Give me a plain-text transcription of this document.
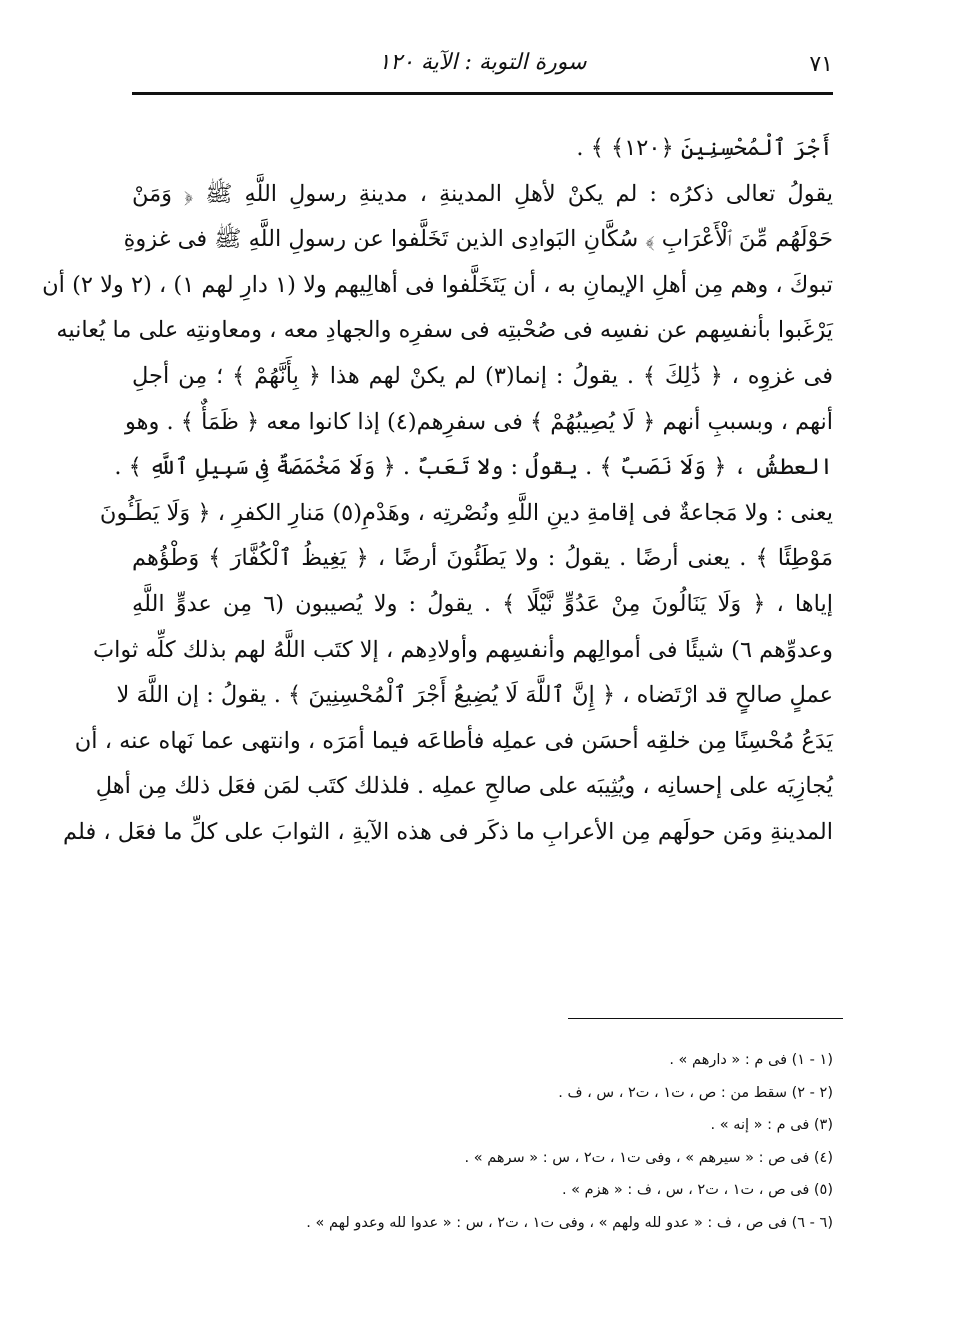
٧١
سورة التوبة : الآية ١٢٠
أَجْرَ ٱلْمُحْسِنِينَ ﴿١٢٠﴾ ﴾ .
يقولُ تعالى ذكرُه : لم يكنْ لأهلِ المدينةِ ، مدينةِ رسولِ اللَّهِ ﷺ ﴿ وَمَنْ
حَوْلَهُم مِّنَ ٱلْأَعْرَابِ ﴾ سُكَّانِ البَوادِى الذين تَخَلَّفوا عن رسولِ اللَّهِ ﷺ فى غزوةِ
تبوكَ ، وهم مِن أهلِ الإيمانِ به ، أن يَتَخَلَّفوا فى أهالِيهم ولا (١ دارِ لهم ١) ، (٢ ولا ٢) أن
يَرْغَبوا بأنفسِهم عن نفسِه فى صُحْبتِه فى سفرِه والجهادِ معه ، ومعاونتِه على ما يُعانيه
فى غزوِه ، ﴿ ذَٰلِكَ ﴾ . يقولُ : إنما(٣) لم يكنْ لهم هذا ﴿ بِأَنَّهُمْ ﴾ ؛ مِن أجلِ
أنهم ، وبسببِ أنهم ﴿ لَا يُصِيبُهُمْ ﴾ فى سفرِهم(٤) إذا كانوا معه ﴿ ظَمَأٌ ﴾ . وهو
العطشُ ، ﴿ وَلَا نَصَبٌ ﴾ . يقولُ : ولا تَعَبٌ . ﴿ وَلَا مَخْمَصَةٌ فِى سَبِيلِ ٱللَّهِ ﴾ .
يعنى : ولا مَجاعةٌ فى إقامةِ دينِ اللَّهِ ونُصْرتِه ، وهَدْمِ(٥) مَنارِ الكفرِ ، ﴿ وَلَا يَطَـُٔونَ
مَوْطِئًا ﴾ . يعنى أرضًا . يقولُ : ولا يَطَئُونَ أرضًا ، ﴿ يَغِيظُ ٱلْكُفَّارَ ﴾ وَطْؤُهم
إياها ، ﴿ وَلَا يَنَالُونَ مِنْ عَدُوٍّ نَّيْلًا ﴾ . يقولُ : ولا يُصيبون (٦ مِن عدوٍّ اللَّهِ
وعدوِّهم ٦) شيئًا فى أموالِهم وأنفسِهم وأولادِهم ، إلا كتَب اللَّهُ لهم بذلك كلِّه ثوابَ
عملٍ صالحٍ قد ارْتَضاه ، ﴿ إِنَّ ٱللَّهَ لَا يُضِيعُ أَجْرَ ٱلْمُحْسِنِينَ ﴾ . يقولُ : إن اللَّهَ لا
يَدَعُ مُحْسِنًا مِن خلقِه أحسَن فى عملِه فأطاعَه فيما أمَرَه ، وانتهى عما نَهاه عنه ، أن
يُجازِيَه على إحسانِه ، ويُثِيبَه على صالحِ عملِه . فلذلك كتَب لمَن فعَل ذلك مِن أهلِ
المدينةِ ومَن حولَهم مِن الأعرابِ ما ذكَر فى هذه الآيةِ ، الثوابَ على كلِّ ما فعَل ، فلم
(١ - ١) فى م : « دارهم » .
(٢ - ٢) سقط من : ص ، ت١ ، ت٢ ، س ، ف .
(٣) فى م : « إنه » .
(٤) فى ص : « سيرهم » ، وفى ت١ ، ت٢ ، س : « سرهم » .
(٥) فى ص ، ت١ ، ت٢ ، س ، ف : « هزم » .
(٦ - ٦) فى ص ، ف : « عدو لله ولهم » ، وفى ت١ ، ت٢ ، س : « عدوا لله وعدو لهم » .
